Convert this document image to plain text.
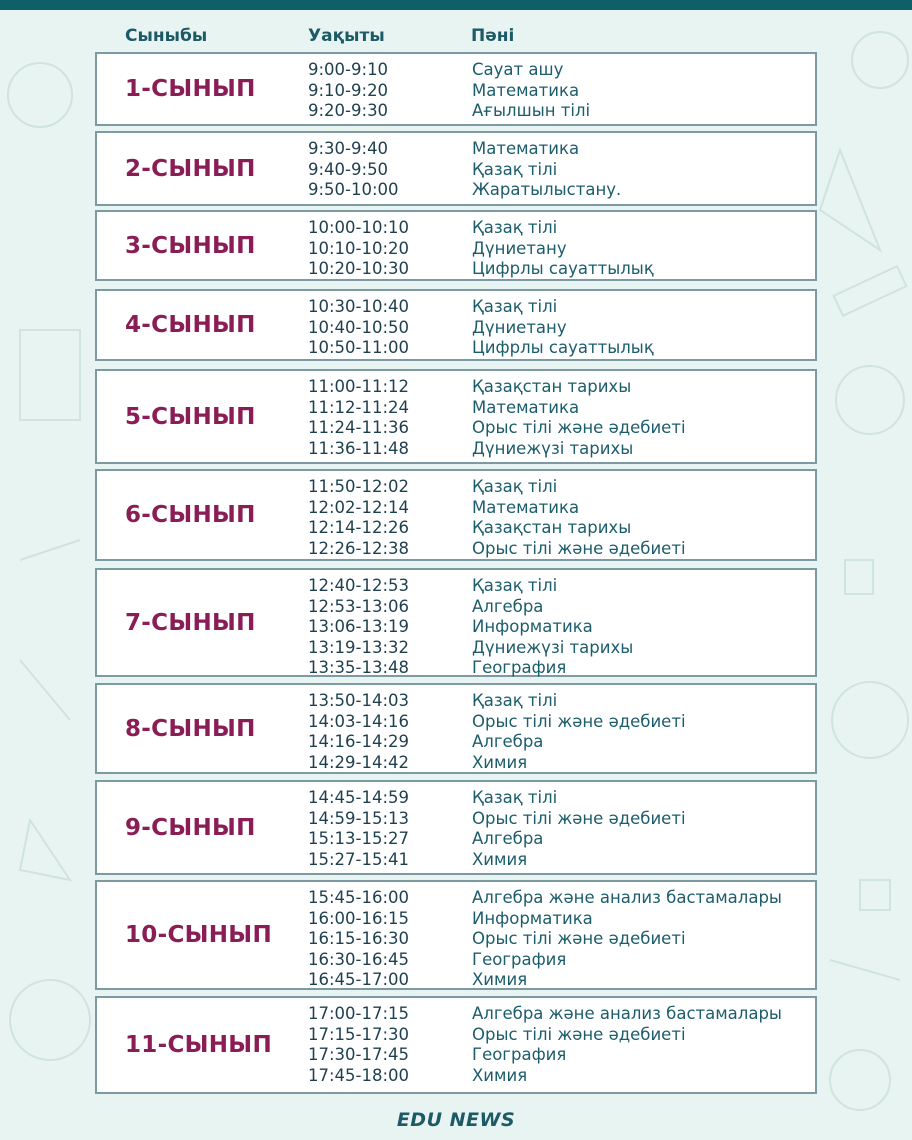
Сыныбы	Уақыты	Пәні
1-СЫНЫП
9:00-9:10
9:10-9:20
9:20-9:30
Сауат ашу
Математика
Ағылшын тілі
2-СЫНЫП
9:30-9:40
9:40-9:50
9:50-10:00
Математика
Қазақ тілі
Жаратылыстану.
3-СЫНЫП
10:00-10:10
10:10-10:20
10:20-10:30
Қазақ тілі
Дүниетану
Цифрлы сауаттылық
4-СЫНЫП
10:30-10:40
10:40-10:50
10:50-11:00
Қазақ тілі
Дүниетану
Цифрлы сауаттылық
5-СЫНЫП
11:00-11:12
11:12-11:24
11:24-11:36
11:36-11:48
Қазақстан тарихы
Математика
Орыс тілі және әдебиеті
Дүниежүзі тарихы
6-СЫНЫП
11:50-12:02
12:02-12:14
12:14-12:26
12:26-12:38
Қазақ тілі
Математика
Қазақстан тарихы
Орыс тілі және әдебиеті
7-СЫНЫП
12:40-12:53
12:53-13:06
13:06-13:19
13:19-13:32
13:35-13:48
Қазақ тілі
Алгебра
Информатика
Дүниежүзі тарихы
География
8-СЫНЫП
13:50-14:03
14:03-14:16
14:16-14:29
14:29-14:42
Қазақ тілі
Орыс тілі және әдебиеті
Алгебра
Химия
9-СЫНЫП
14:45-14:59
14:59-15:13
15:13-15:27
15:27-15:41
Қазақ тілі
Орыс тілі және әдебиеті
Алгебра
Химия
10-СЫНЫП
15:45-16:00
16:00-16:15
16:15-16:30
16:30-16:45
16:45-17:00
Алгебра және анализ бастамалары
Информатика
Орыс тілі және әдебиеті
География
Химия
11-СЫНЫП
17:00-17:15
17:15-17:30
17:30-17:45
17:45-18:00
Алгебра және анализ бастамалары
Орыс тілі және әдебиеті
География
Химия
EDU NEWS
